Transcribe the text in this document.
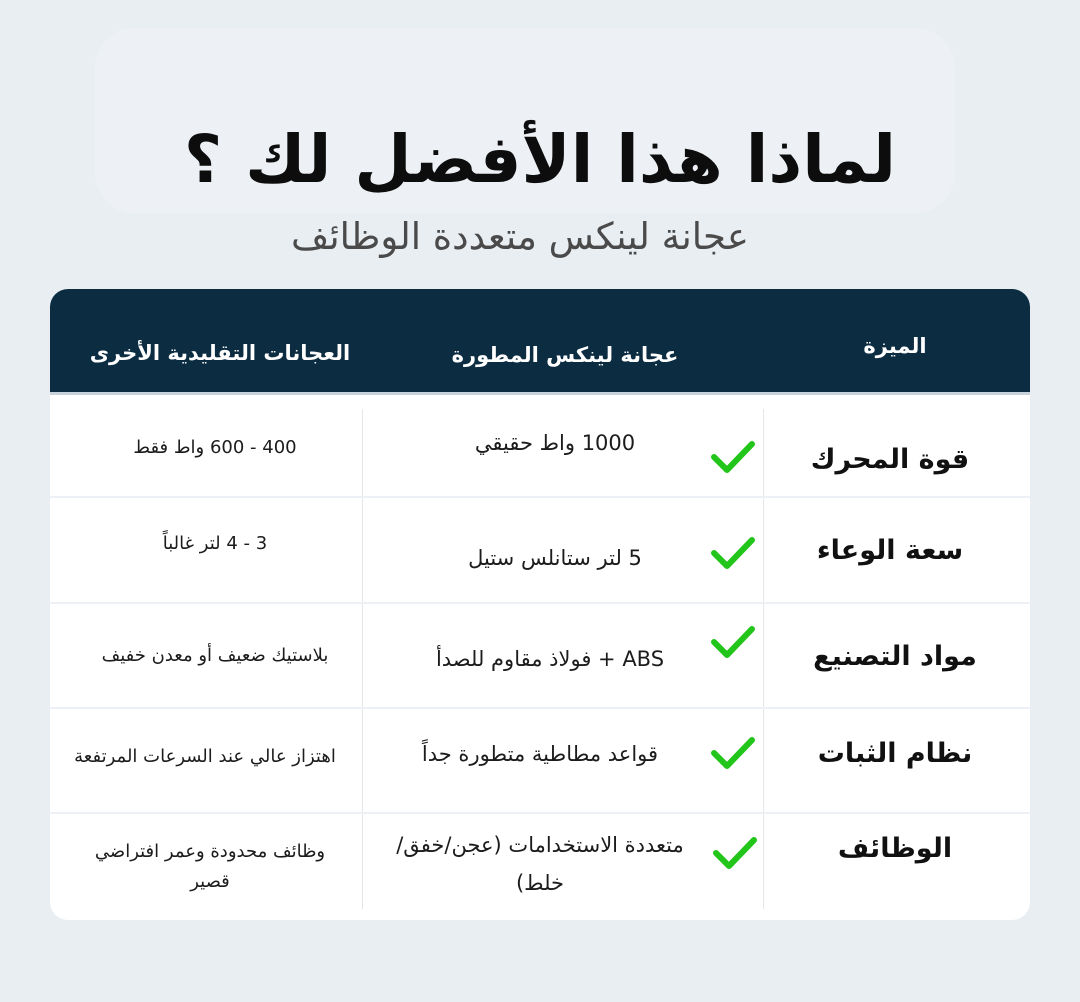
لماذا هذا الأفضل لك ؟
عجانة لينكس متعددة الوظائف
الميزة
عجانة لينكس المطورة
العجانات التقليدية الأخرى
قوة المحرك
1000 واط حقيقي
400 - 600 واط فقط
سعة الوعاء
5 لتر ستانلس ستيل
3 - 4 لتر غالباً
مواد التصنيع
ABS + فولاذ مقاوم للصدأ
بلاستيك ضعيف أو معدن خفيف
نظام الثبات
قواعد مطاطية متطورة جداً
اهتزاز عالي عند السرعات المرتفعة
الوظائف
متعددة الاستخدامات (عجن/خفق/خلط)
وظائف محدودة وعمر افتراضي قصير
